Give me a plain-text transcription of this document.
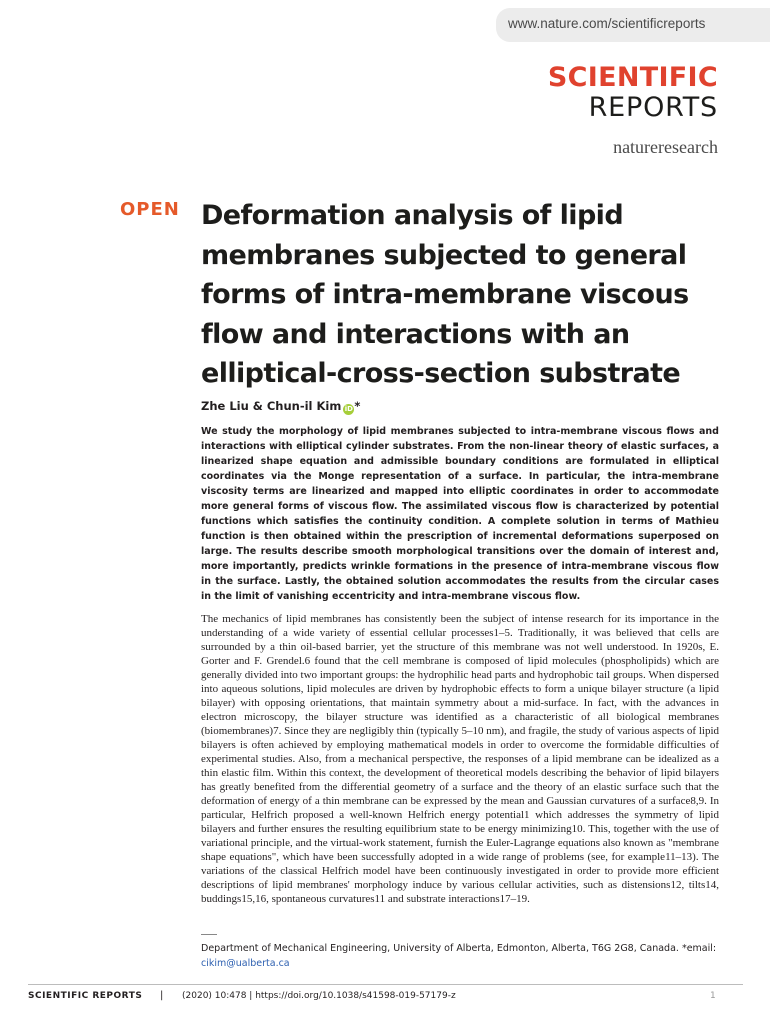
www.nature.com/scientificreports
SCIENTIFIC
REPORTS
natureresearch
OPEN Deformation analysis of lipid membranes subjected to general forms of intra-membrane viscous flow and interactions with an elliptical-cross-section substrate
Zhe Liu & Chun-il Kim iD*

We study the morphology of lipid membranes subjected to intra-membrane viscous flows and interactions with elliptical cylinder substrates. From the non-linear theory of elastic surfaces, a linearized shape equation and admissible boundary conditions are formulated in elliptical coordinates via the Monge representation of a surface. In particular, the intra-membrane viscosity terms are linearized and mapped into elliptic coordinates in order to accommodate more general forms of viscous flow. The assimilated viscous flow is characterized by potential functions which satisfies the continuity condition. A complete solution in terms of Mathieu function is then obtained within the prescription of incremental deformations superposed on large. The results describe smooth morphological transitions over the domain of interest and, more importantly, predicts wrinkle formations in the presence of intra-membrane viscous flow in the surface. Lastly, the obtained solution accommodates the results from the circular cases in the limit of vanishing eccentricity and intra-membrane viscous flow.

The mechanics of lipid membranes has consistently been the subject of intense research for its importance in the understanding of a wide variety of essential cellular processes1–5. Traditionally, it was believed that cells are surrounded by a thin oil-based barrier, yet the structure of this membrane was not well understood. In 1920s, E. Gorter and F. Grendel.6 found that the cell membrane is composed of lipid molecules (phospholipids) which are generally divided into two important groups: the hydrophilic head parts and hydrophobic tail groups. When dispersed into aqueous solutions, lipid molecules are driven by hydrophobic effects to form a unique bilayer structure (a lipid bilayer) with opposing orientations, that maintain symmetry about a mid-surface. In fact, with the advances in electron microscopy, the bilayer structure was identified as a characteristic of all biological membranes (biomembranes)7. Since they are negligibly thin (typically 5–10 nm), and fragile, the study of various aspects of lipid bilayers is often achieved by employing mathematical models in order to overcome the formidable difficulties of experimental studies. Also, from a mechanical perspective, the responses of a lipid membrane can be idealized as a thin elastic film. Within this context, the development of theoretical models describing the behavior of lipid bilayers has greatly benefited from the differential geometry of a surface and the theory of an elastic surface such that the deformation of energy of a thin membrane can be expressed by the mean and Gaussian curvatures of a surface8,9. In particular, Helfrich proposed a well-known Helfrich energy potential1 which addresses the symmetry of lipid bilayers and further ensures the resulting equilibrium state to be energy minimizing10. This, together with the use of variational principle, and the virtual-work statement, furnish the Euler-Lagrange equations also known as "membrane shape equations", which have been successfully adopted in a wide range of problems (see, for example11–13). The variations of the classical Helfrich model have been continuously investigated in order to provide more efficient descriptions of lipid membranes' morphology induce by various cellular activities, such as distensions12, tilts14, buddings15,16, spontaneous curvatures11 and substrate interactions17–19.

Department of Mechanical Engineering, University of Alberta, Edmonton, Alberta, T6G 2G8, Canada. *email: cikim@ualberta.ca

SCIENTIFIC REPORTS | (2020) 10:478 | https://doi.org/10.1038/s41598-019-57179-z	1
